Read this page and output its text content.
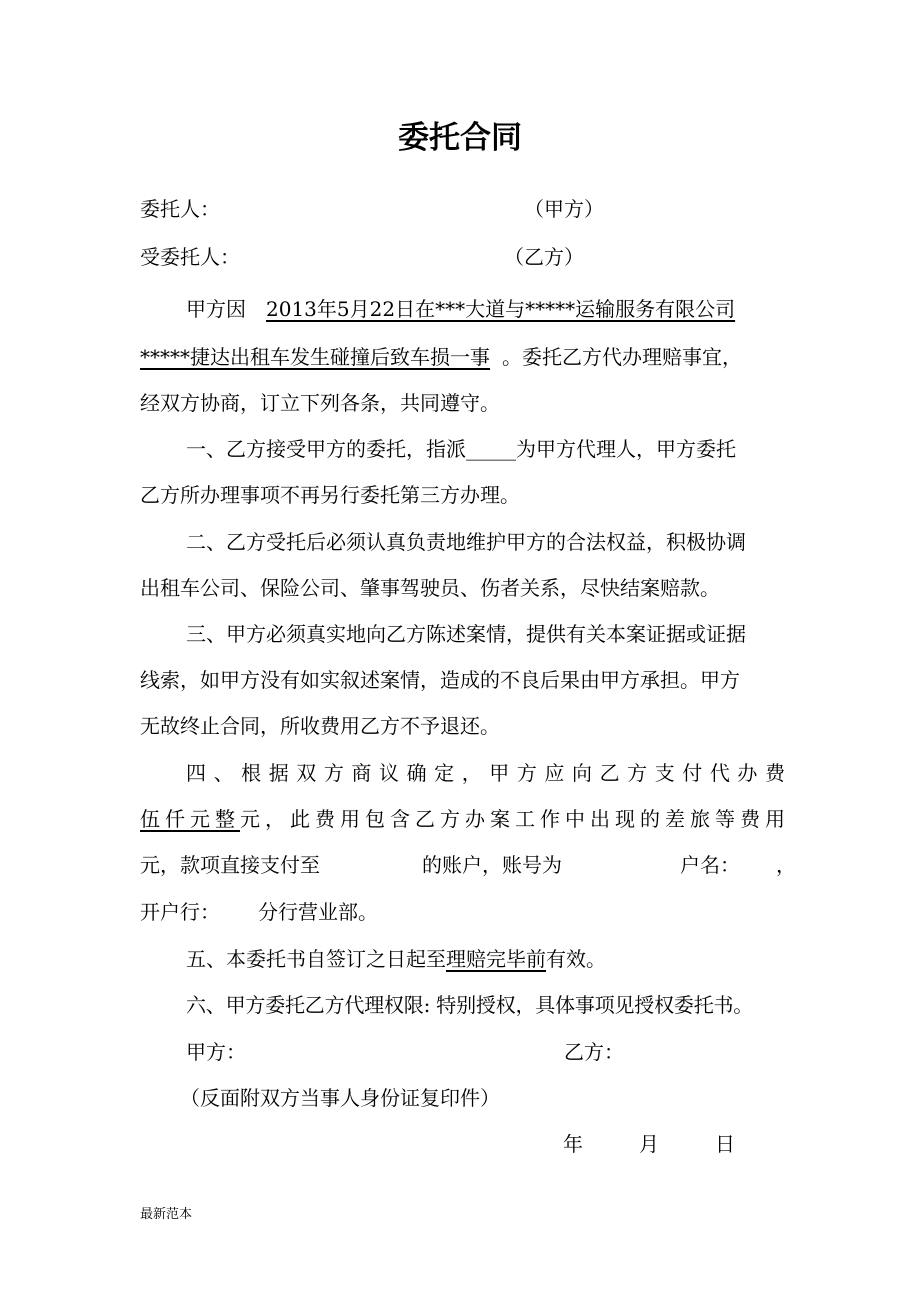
委托合同
委托人：	（甲方）
受委托人：	（乙方）
甲方因 2013年5月22日在***大道与*****运输服务有限公司
*****捷达出租车发生碰撞后致车损一事 。委托乙方代办理赔事宜，
经双方协商，订立下列各条，共同遵守。
一、乙方接受甲方的委托，指派_____为甲方代理人，甲方委托
乙方所办理事项不再另行委托第三方办理。
二、乙方受托后必须认真负责地维护甲方的合法权益，积极协调
出租车公司、保险公司、肇事驾驶员、伤者关系，尽快结案赔款。
三、甲方必须真实地向乙方陈述案情，提供有关本案证据或证据
线索，如甲方没有如实叙述案情，造成的不良后果由甲方承担。甲方
无故终止合同，所收费用乙方不予退还。
四、根据双方商议确定，甲方应向乙方支付代办费
伍仟元整元，此费用包含乙方办案工作中出现的差旅等费用
元，款项直接支付至	的账户，账号为	户名： ，
开户行： 分行营业部。
五、本委托书自签订之日起至理赔完毕前有效。
六、甲方委托乙方代理权限: 特别授权，具体事项见授权委托书。
甲方：	乙方：
（反面附双方当事人身份证复印件）
年	月	日
最新范本
